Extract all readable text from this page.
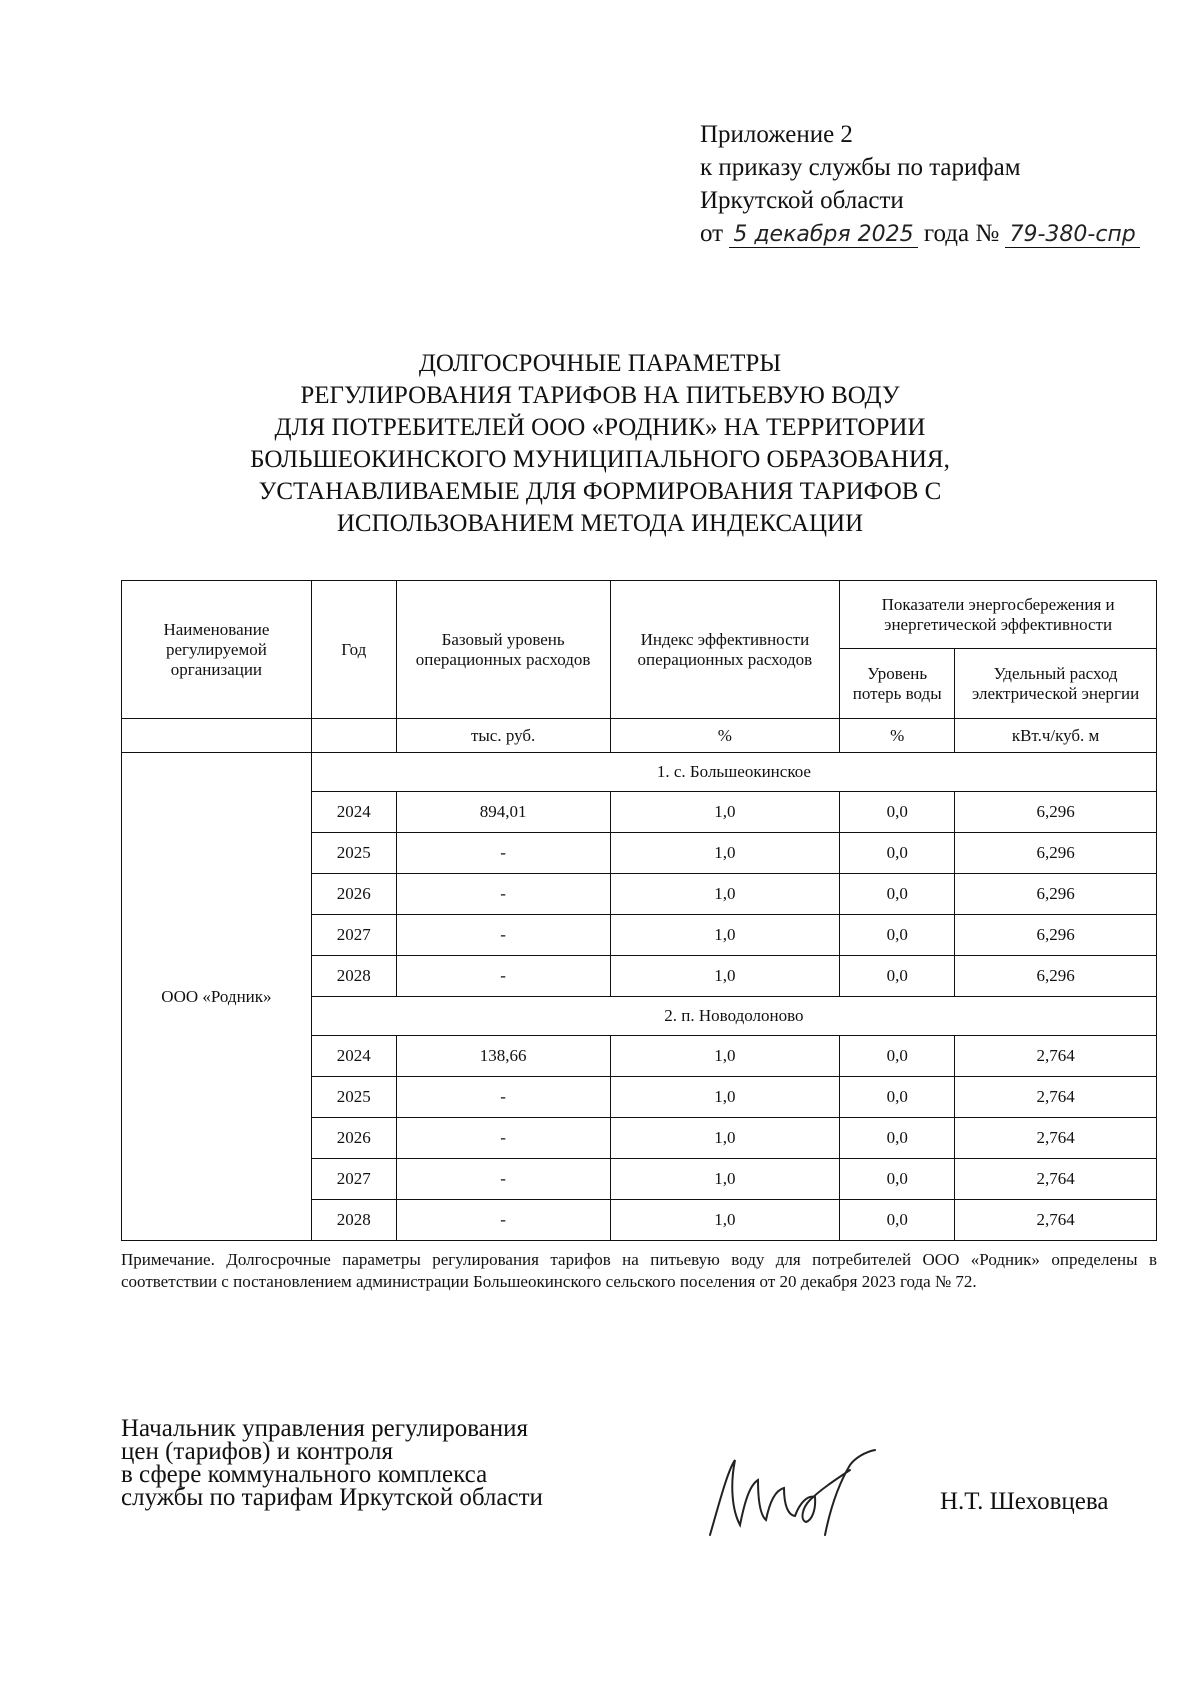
Приложение 2
к приказу службы по тарифам
Иркутской области
от 5 декабря 2025 года № 79-380-спр
ДОЛГОСРОЧНЫЕ ПАРАМЕТРЫ
РЕГУЛИРОВАНИЯ ТАРИФОВ НА ПИТЬЕВУЮ ВОДУ
ДЛЯ ПОТРЕБИТЕЛЕЙ ООО «РОДНИК» НА ТЕРРИТОРИИ
БОЛЬШЕОКИНСКОГО МУНИЦИПАЛЬНОГО ОБРАЗОВАНИЯ,
УСТАНАВЛИВАЕМЫЕ ДЛЯ ФОРМИРОВАНИЯ ТАРИФОВ С
ИСПОЛЬЗОВАНИЕМ МЕТОДА ИНДЕКСАЦИИ
Наименование регулируемой организации	Год	Базовый уровень операционных расходов	Индекс эффективности операционных расходов	Показатели энергосбережения и энергетической эффективности	
				Уровень потерь воды	Удельный расход электрической энергии
		тыс. руб.	%	%	кВт.ч/куб. м
ООО «Родник»	1. с. Большеокинское				
	2024	894,01	1,0	0,0	6,296
	2025	-	1,0	0,0	6,296
	2026	-	1,0	0,0	6,296
	2027	-	1,0	0,0	6,296
	2028	-	1,0	0,0	6,296
	2. п. Новодолоново				
	2024	138,66	1,0	0,0	2,764
	2025	-	1,0	0,0	2,764
	2026	-	1,0	0,0	2,764
	2027	-	1,0	0,0	2,764
	2028	-	1,0	0,0	2,764
Примечание. Долгосрочные параметры регулирования тарифов на питьевую воду для потребителей ООО «Родник» определены в соответствии с постановлением администрации Большеокинского сельского поселения от 20 декабря 2023 года № 72.
Начальник управления регулирования
цен (тарифов) и контроля
в сфере коммунального комплекса
службы по тарифам Иркутской области	Н.Т. Шеховцева
